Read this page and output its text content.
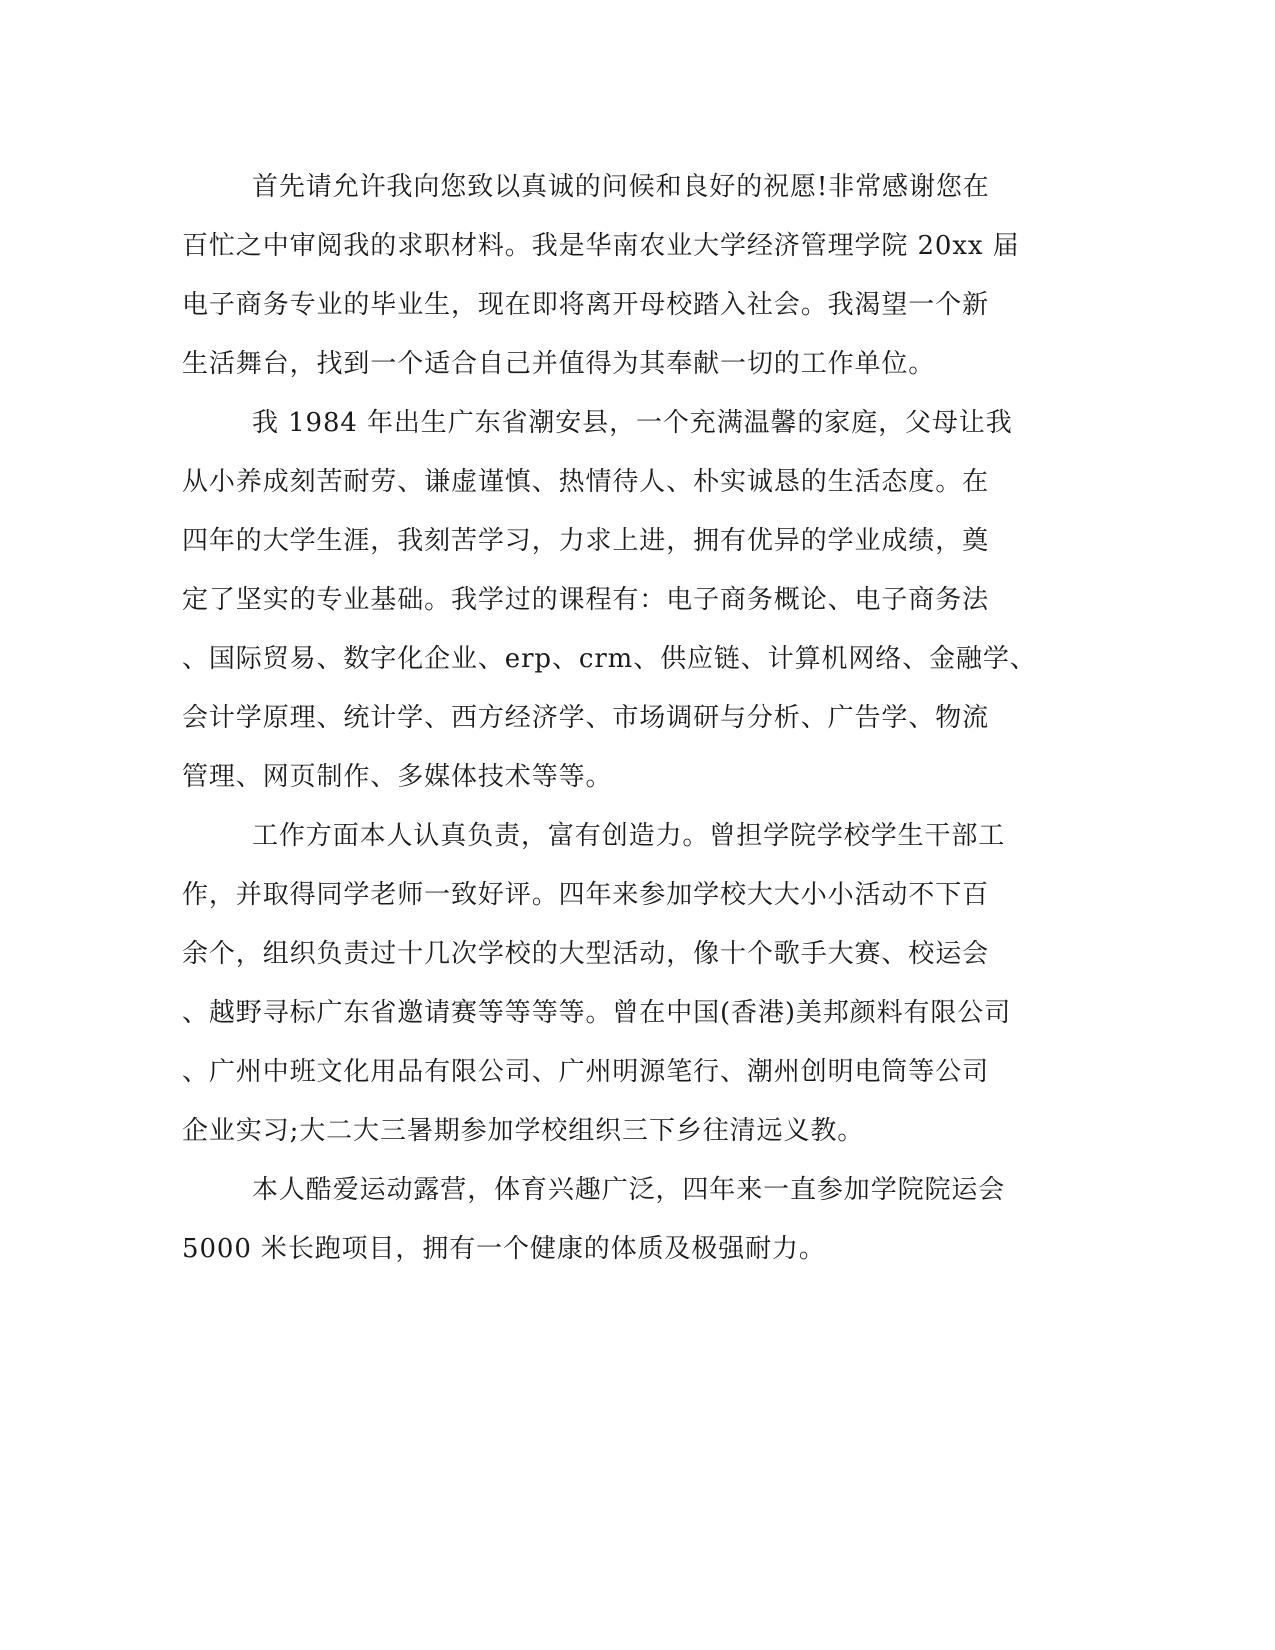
首先请允许我向您致以真诚的问候和良好的祝愿!非常感谢您在
百忙之中审阅我的求职材料。我是华南农业大学经济管理学院 20xx 届
电子商务专业的毕业生，现在即将离开母校踏入社会。我渴望一个新
生活舞台，找到一个适合自己并值得为其奉献一切的工作单位。
我 1984 年出生广东省潮安县，一个充满温馨的家庭，父母让我
从小养成刻苦耐劳、谦虚谨慎、热情待人、朴实诚恳的生活态度。在
四年的大学生涯，我刻苦学习，力求上进，拥有优异的学业成绩，奠
定了坚实的专业基础。我学过的课程有：电子商务概论、电子商务法
、国际贸易、数字化企业、erp、crm、供应链、计算机网络、金融学、
会计学原理、统计学、西方经济学、市场调研与分析、广告学、物流
管理、网页制作、多媒体技术等等。
工作方面本人认真负责，富有创造力。曾担学院学校学生干部工
作，并取得同学老师一致好评。四年来参加学校大大小小活动不下百
余个，组织负责过十几次学校的大型活动，像十个歌手大赛、校运会
、越野寻标广东省邀请赛等等等等。曾在中国(香港)美邦颜料有限公司
、广州中班文化用品有限公司、广州明源笔行、潮州创明电筒等公司
企业实习;大二大三暑期参加学校组织三下乡往清远义教。
本人酷爱运动露营，体育兴趣广泛，四年来一直参加学院院运会
5000 米长跑项目，拥有一个健康的体质及极强耐力。
